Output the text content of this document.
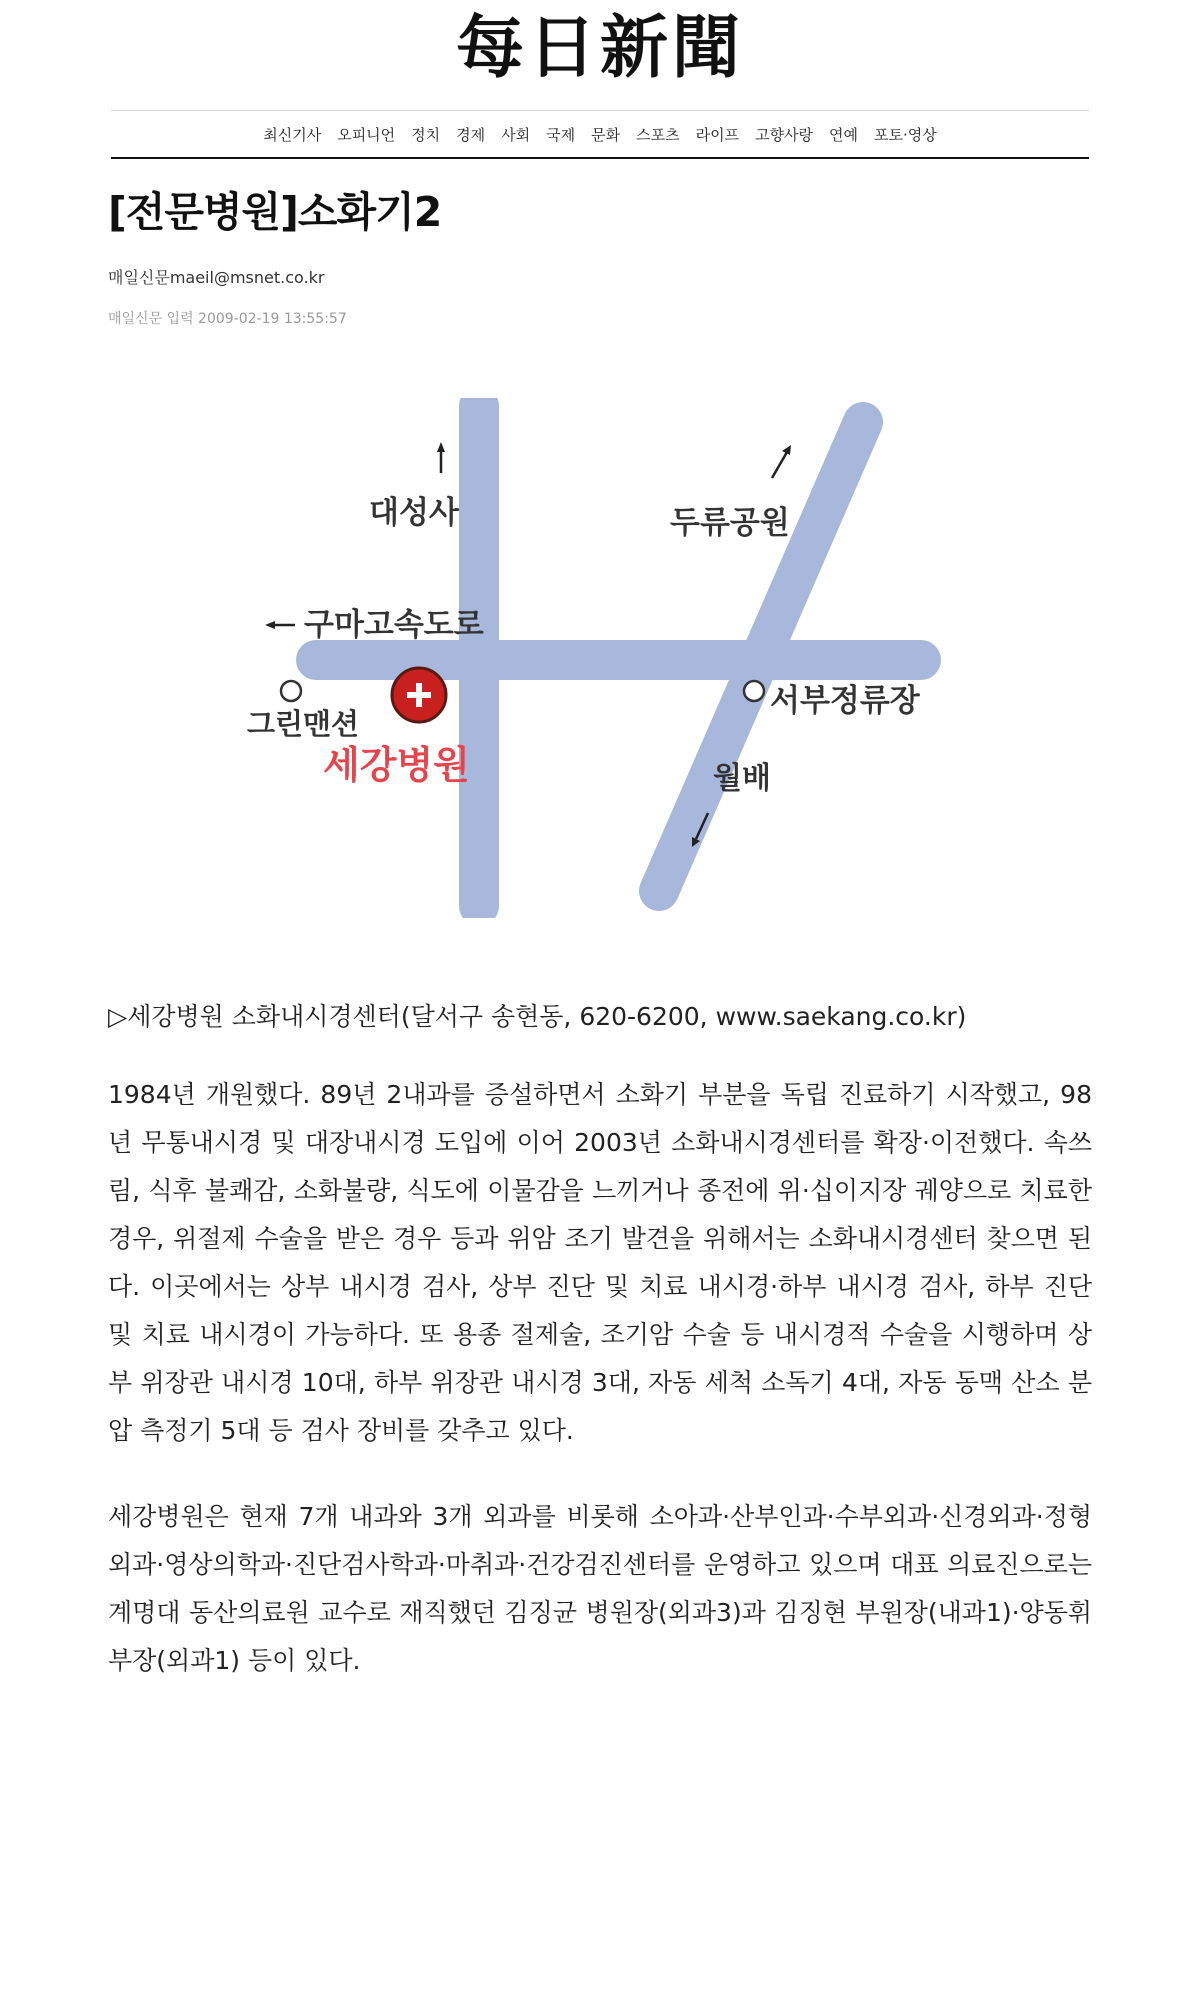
每日新聞
최신기사 오피니언 정치 경제 사회 국제 문화 스포츠 라이프 고향사랑 연예 포토·영상
[전문병원]소화기2
매일신문maeil@msnet.co.kr
매일신문 입력 2009-02-19 13:55:57
대성사	두류공원
구마고속도로
그린맨션
세강병원
서부정류장
월배
▷세강병원 소화내시경센터(달서구 송현동, 620-6200, www.saekang.co.kr)

1984년 개원했다. 89년 2내과를 증설하면서 소화기 부분을 독립 진료하기 시작했고, 98년 무통내시경 및 대장내시경 도입에 이어 2003년 소화내시경센터를 확장·이전했다. 속쓰림, 식후 불쾌감, 소화불량, 식도에 이물감을 느끼거나 종전에 위·십이지장 궤양으로 치료한 경우, 위절제 수술을 받은 경우 등과 위암 조기 발견을 위해서는 소화내시경센터 찾으면 된다. 이곳에서는 상부 내시경 검사, 상부 진단 및 치료 내시경·하부 내시경 검사, 하부 진단 및 치료 내시경이 가능하다. 또 용종 절제술, 조기암 수술 등 내시경적 수술을 시행하며 상부 위장관 내시경 10대, 하부 위장관 내시경 3대, 자동 세척 소독기 4대, 자동 동맥 산소 분압 측정기 5대 등 검사 장비를 갖추고 있다.

세강병원은 현재 7개 내과와 3개 외과를 비롯해 소아과·산부인과·수부외과·신경외과·정형외과·영상의학과·진단검사학과·마취과·건강검진센터를 운영하고 있으며 대표 의료진으로는 계명대 동산의료원 교수로 재직했던 김징균 병원장(외과3)과 김징현 부원장(내과1)·양동휘 부장(외과1) 등이 있다.
